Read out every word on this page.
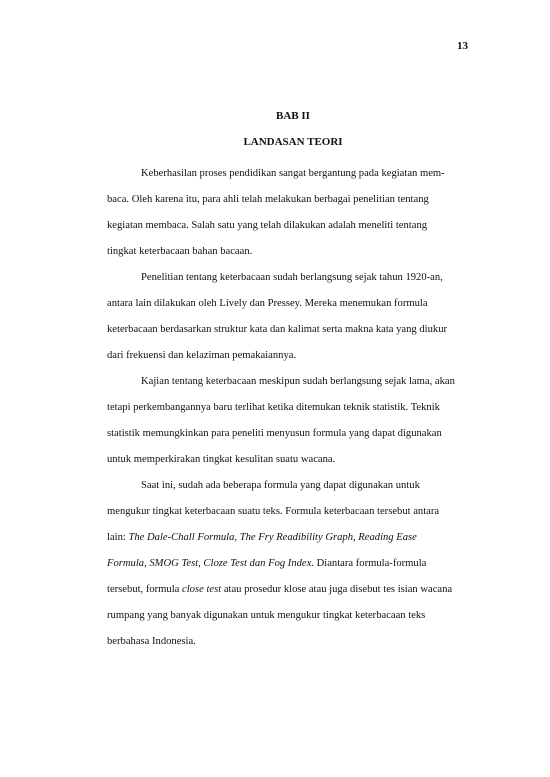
13
BAB II
LANDASAN TEORI

Keberhasilan proses pendidikan sangat bergantung pada kegiatan mem-
baca. Oleh karena itu, para ahli telah melakukan berbagai penelitian tentang
kegiatan membaca. Salah satu yang telah dilakukan adalah meneliti tentang
tingkat keterbacaan bahan bacaan.

Penelitian tentang keterbacaan sudah berlangsung sejak tahun 1920-an,
antara lain dilakukan oleh Lively dan Pressey. Mereka menemukan formula
keterbacaan berdasarkan struktur kata dan kalimat serta makna kata yang diukur
dari frekuensi dan kelaziman pemakaiannya.

Kajian tentang keterbacaan meskipun sudah berlangsung sejak lama, akan
tetapi perkembangannya baru terlihat ketika ditemukan teknik statistik. Teknik
statistik memungkinkan para peneliti menyusun formula yang dapat digunakan
untuk memperkirakan tingkat kesulitan suatu wacana.

Saat ini, sudah ada beberapa formula yang dapat digunakan untuk
mengukur tingkat keterbacaan suatu teks. Formula keterbacaan tersebut antara
lain: The Dale-Chall Formula, The Fry Readibility Graph, Reading Ease
Formula, SMOG Test, Cloze Test dan Fog Index. Diantara formula-formula
tersebut, formula close test atau prosedur klose atau juga disebut tes isian wacana
rumpang yang banyak digunakan untuk mengukur tingkat keterbacaan teks
berbahasa Indonesia.
